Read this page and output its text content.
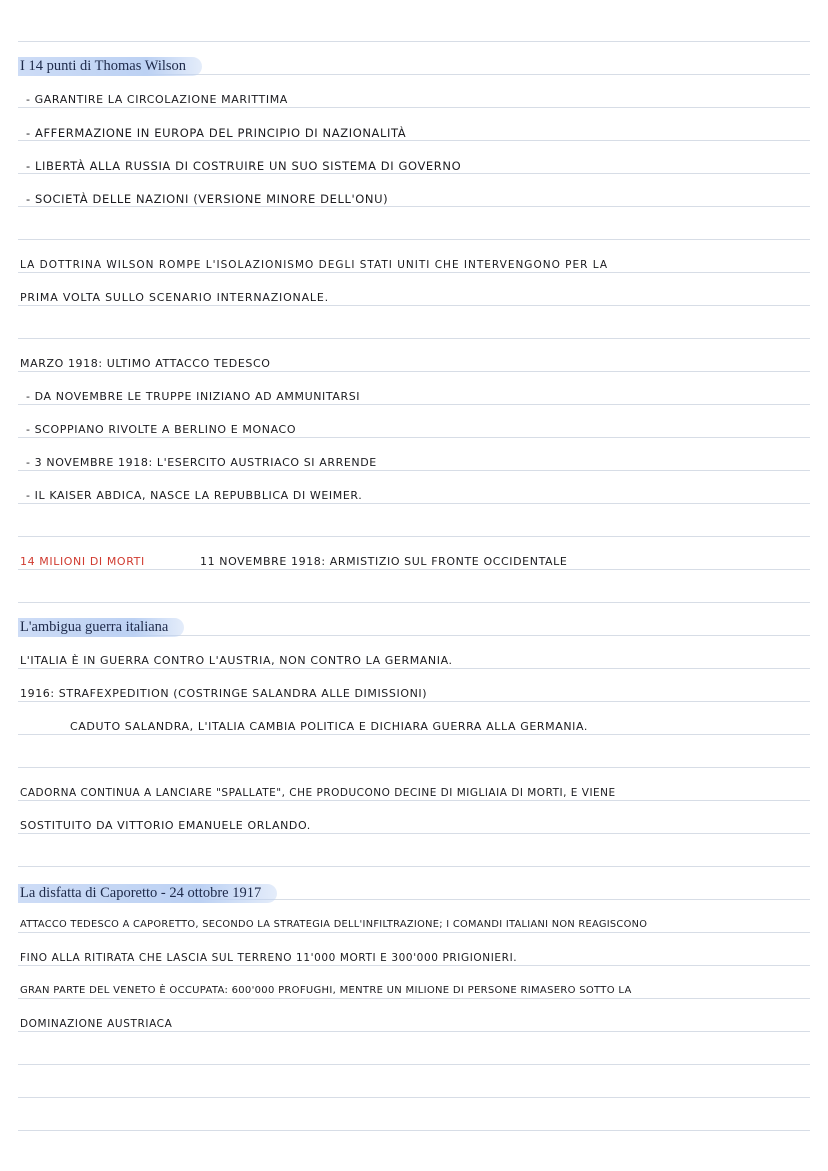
I 14 punti di Thomas Wilson
- GARANTIRE LA CIRCOLAZIONE MARITTIMA
- AFFERMAZIONE IN EUROPA DEL PRINCIPIO DI NAZIONALITÀ
- LIBERTÀ ALLA RUSSIA DI COSTRUIRE UN SUO SISTEMA DI GOVERNO
- SOCIETÀ DELLE NAZIONI (VERSIONE MINORE DELL'ONU)
LA DOTTRINA WILSON ROMPE L'ISOLAZIONISMO DEGLI STATI UNITI CHE INTERVENGONO PER LA
PRIMA VOLTA SULLO SCENARIO INTERNAZIONALE.
MARZO 1918: ULTIMO ATTACCO TEDESCO
- DA NOVEMBRE LE TRUPPE INIZIANO AD AMMUNITARSI
- SCOPPIANO RIVOLTE A BERLINO E MONACO
- 3 NOVEMBRE 1918: L'ESERCITO AUSTRIACO SI ARRENDE
- IL KAISER ABDICA, NASCE LA REPUBBLICA DI WEIMER.
14 MILIONI DI MORTI	11 NOVEMBRE 1918: ARMISTIZIO SUL FRONTE OCCIDENTALE
L'ambigua guerra italiana
L'ITALIA È IN GUERRA CONTRO L'AUSTRIA, NON CONTRO LA GERMANIA.
1916: STRAFEXPEDITION (COSTRINGE SALANDRA ALLE DIMISSIONI)
CADUTO SALANDRA, L'ITALIA CAMBIA POLITICA E DICHIARA GUERRA ALLA GERMANIA.
CADORNA CONTINUA A LANCIARE "SPALLATE", CHE PRODUCONO DECINE DI MIGLIAIA DI MORTI, E VIENE
SOSTITUITO DA VITTORIO EMANUELE ORLANDO.
La disfatta di Caporetto - 24 ottobre 1917
ATTACCO TEDESCO A CAPORETTO, SECONDO LA STRATEGIA DELL'INFILTRAZIONE; I COMANDI ITALIANI NON REAGISCONO
FINO ALLA RITIRATA CHE LASCIA SUL TERRENO 11'000 MORTI E 300'000 PRIGIONIERI.
GRAN PARTE DEL VENETO È OCCUPATA: 600'000 PROFUGHI, MENTRE UN MILIONE DI PERSONE RIMASERO SOTTO LA
DOMINAZIONE AUSTRIACA
